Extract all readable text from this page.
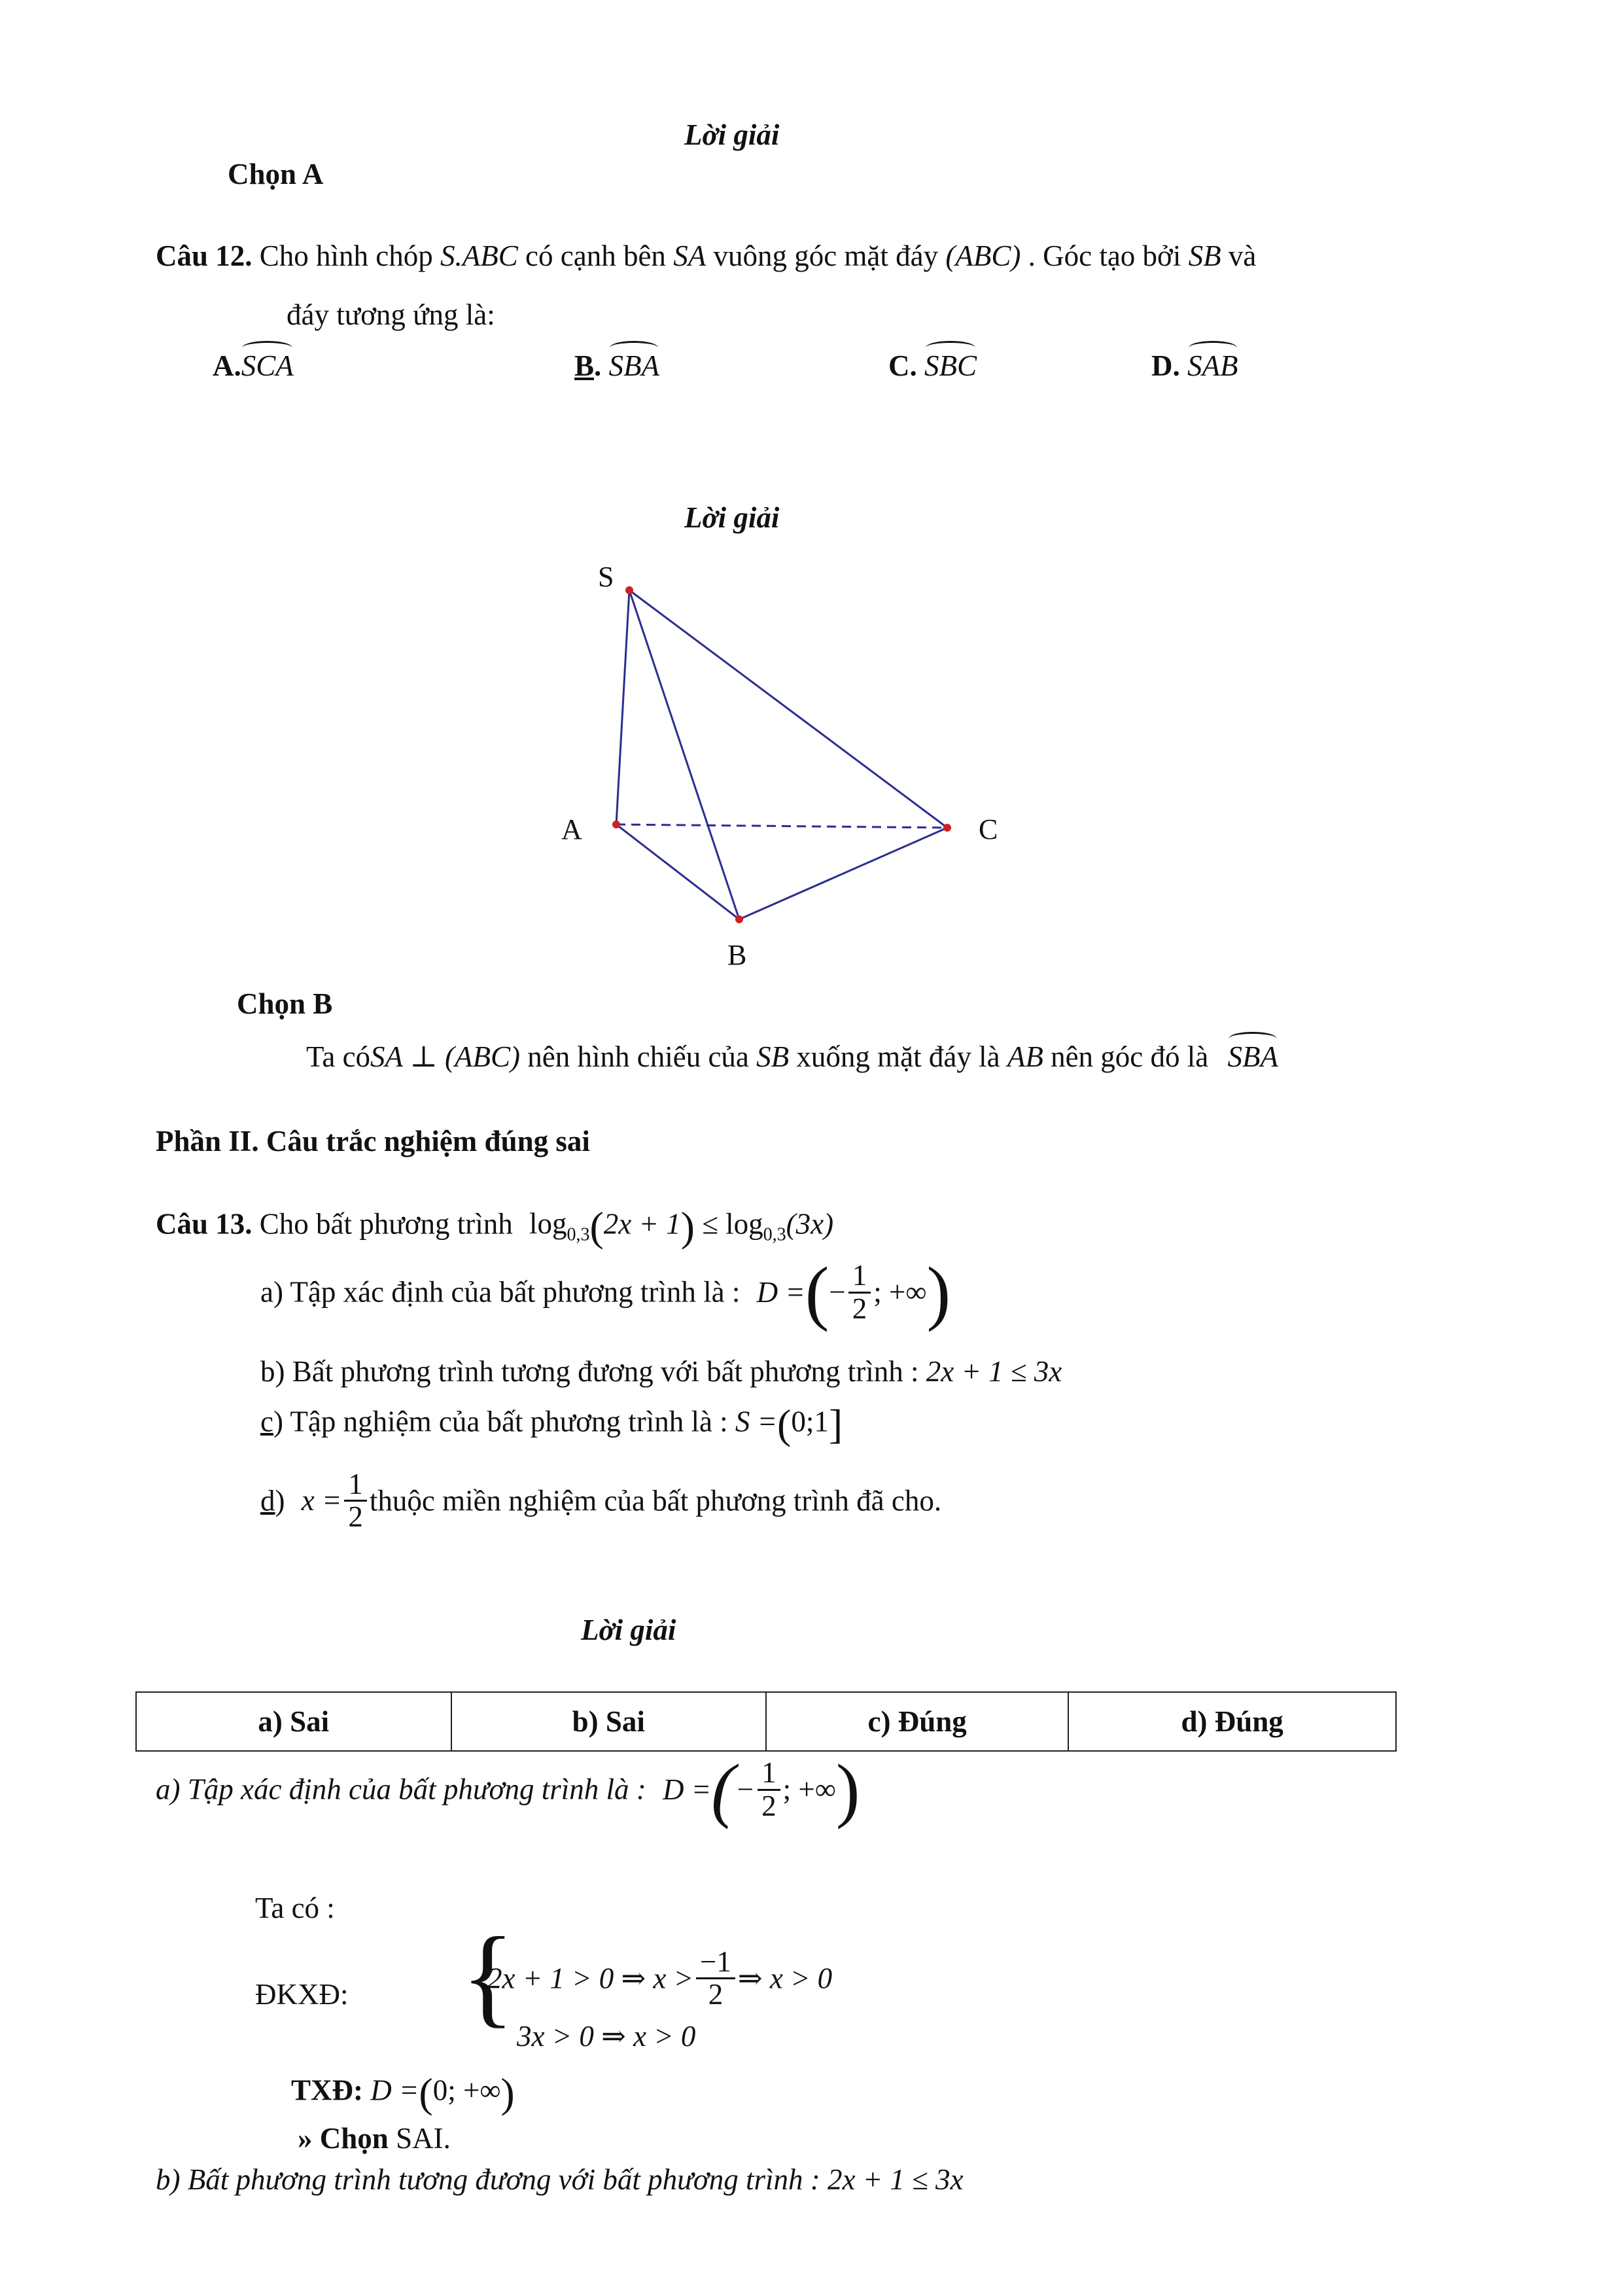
Lời giải
Chọn A
Câu 12. Cho hình chóp S.ABC có cạnh bên SA vuông góc mặt đáy (ABC) . Góc tạo bởi SB và
đáy tương ứng là:
A.SCA	B. SBA	C. SBC	D. SAB
Lời giải
S
A
B
C
Chọn B
Ta cóSA ⊥ (ABC) nên hình chiếu của SB xuống mặt đáy là AB nên góc đó là SBA
Phần II. Câu trắc nghiệm đúng sai
Câu 13. Cho bất phương trình $\log_{0,3}(2x + 1) \le \log_{0,3}(3x)$
a) Tập xác định của bất phương trình là : D =(− $\frac{1}{2}$ ; +∞)
b) Bất phương trình tương đương với bất phương trình : 2x + 1 ≤ 3x
c) Tập nghiệm của bất phương trình là : S =(0;1]
d) $x = \frac{1}{2}$ thuộc miền nghiệm của bất phương trình đã cho.
Lời giải
a) Sai	b) Sai	c) Đúng	d) Đúng
a) Tập xác định của bất phương trình là : D =(− $\frac{1}{2}$ ; +∞)
Ta có :
ĐKXĐ: {
2x + 1 > 0 ⇒ $x > \frac{-1}{2}$ ⇒ x > 0
3x > 0 ⇒ x > 0
TXĐ: D =(0; +∞)
» Chọn SAI.
b) Bất phương trình tương đương với bất phương trình : 2x + 1 ≤ 3x
